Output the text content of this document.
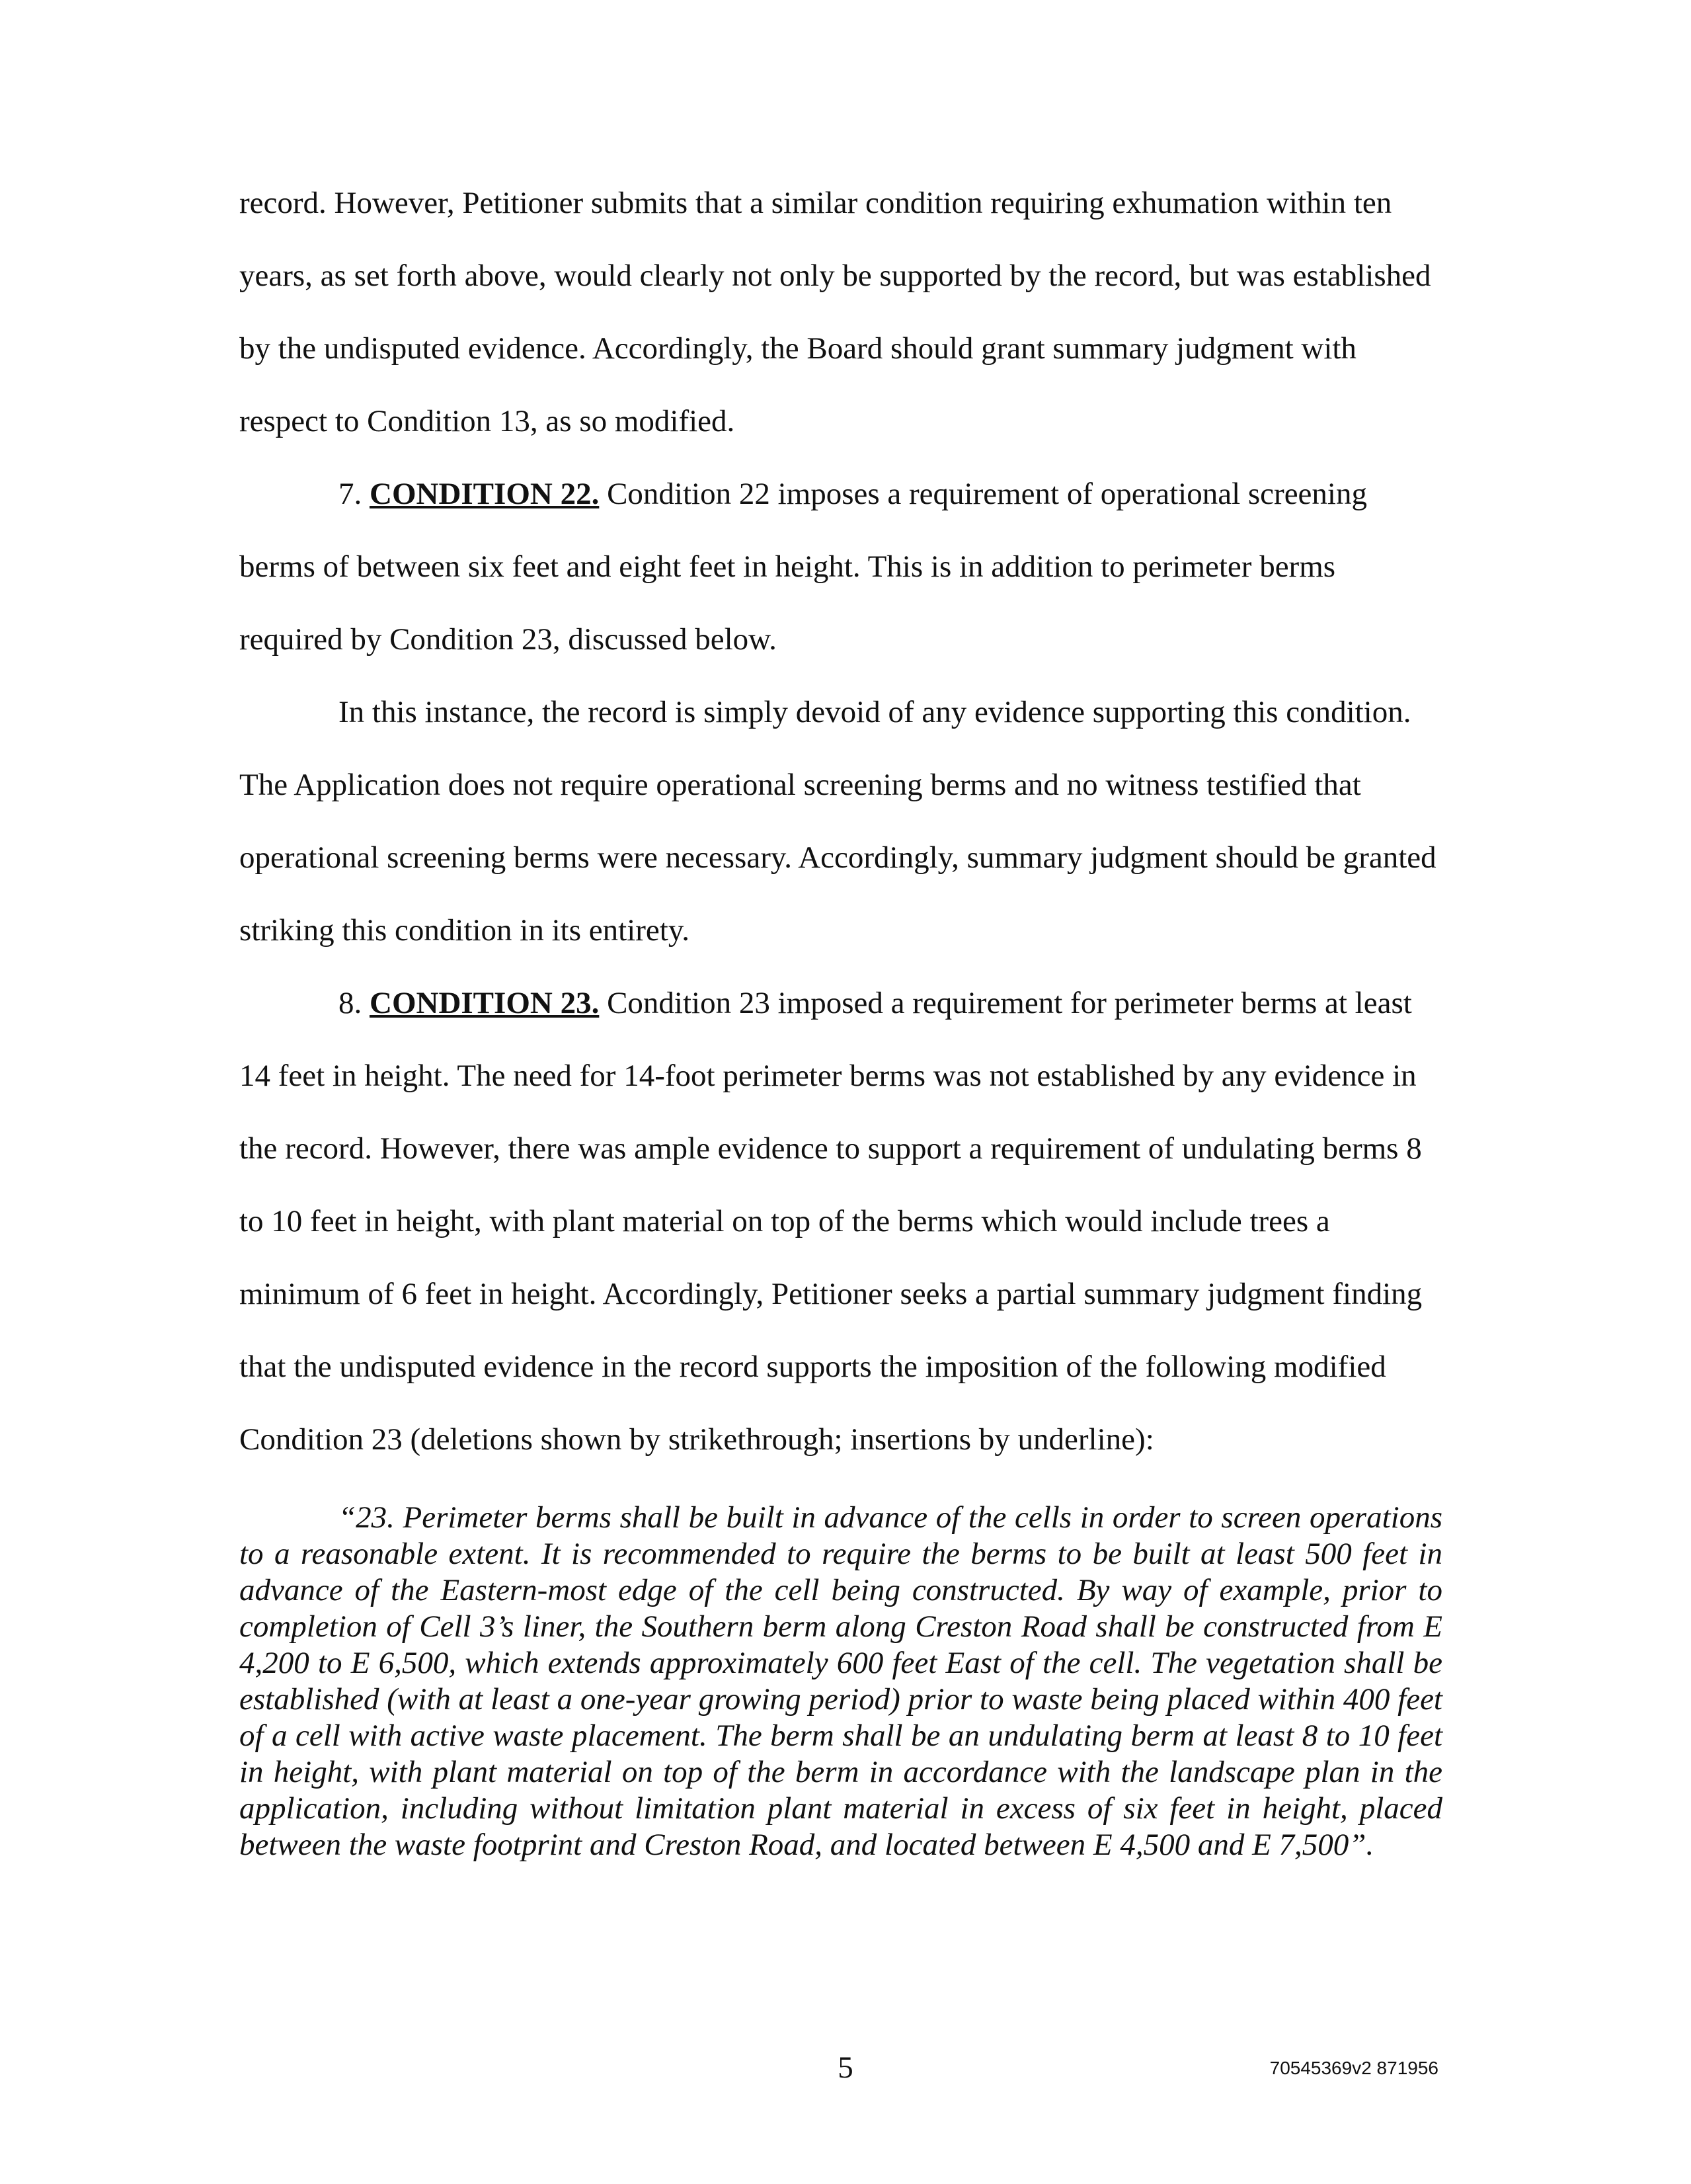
record. However, Petitioner submits that a similar condition requiring exhumation within ten years, as set forth above, would clearly not only be supported by the record, but was established by the undisputed evidence. Accordingly, the Board should grant summary judgment with respect to Condition 13, as so modified.

7. CONDITION 22. Condition 22 imposes a requirement of operational screening berms of between six feet and eight feet in height. This is in addition to perimeter berms required by Condition 23, discussed below.

In this instance, the record is simply devoid of any evidence supporting this condition. The Application does not require operational screening berms and no witness testified that operational screening berms were necessary. Accordingly, summary judgment should be granted striking this condition in its entirety.

8. CONDITION 23. Condition 23 imposed a requirement for perimeter berms at least 14 feet in height. The need for 14-foot perimeter berms was not established by any evidence in the record. However, there was ample evidence to support a requirement of undulating berms 8 to 10 feet in height, with plant material on top of the berms which would include trees a minimum of 6 feet in height. Accordingly, Petitioner seeks a partial summary judgment finding that the undisputed evidence in the record supports the imposition of the following modified Condition 23 (deletions shown by strikethrough; insertions by underline):

“23. Perimeter berms shall be built in advance of the cells in order to screen operations to a reasonable extent. It is recommended to require the berms to be built at least 500 feet in advance of the Eastern-most edge of the cell being constructed. By way of example, prior to completion of Cell 3’s liner, the Southern berm along Creston Road shall be constructed from E 4,200 to E 6,500, which extends approximately 600 feet East of the cell. The vegetation shall be established (with at least a one-year growing period) prior to waste being placed within 400 feet of a cell with active waste placement. The berm shall be an undulating berm at least 8 to 10 feet in height, with plant material on top of the berm in accordance with the landscape plan in the application, including without limitation plant material in excess of six feet in height, placed between the waste footprint and Creston Road, and located between E 4,500 and E 7,500”.

5	70545369v2 871956
